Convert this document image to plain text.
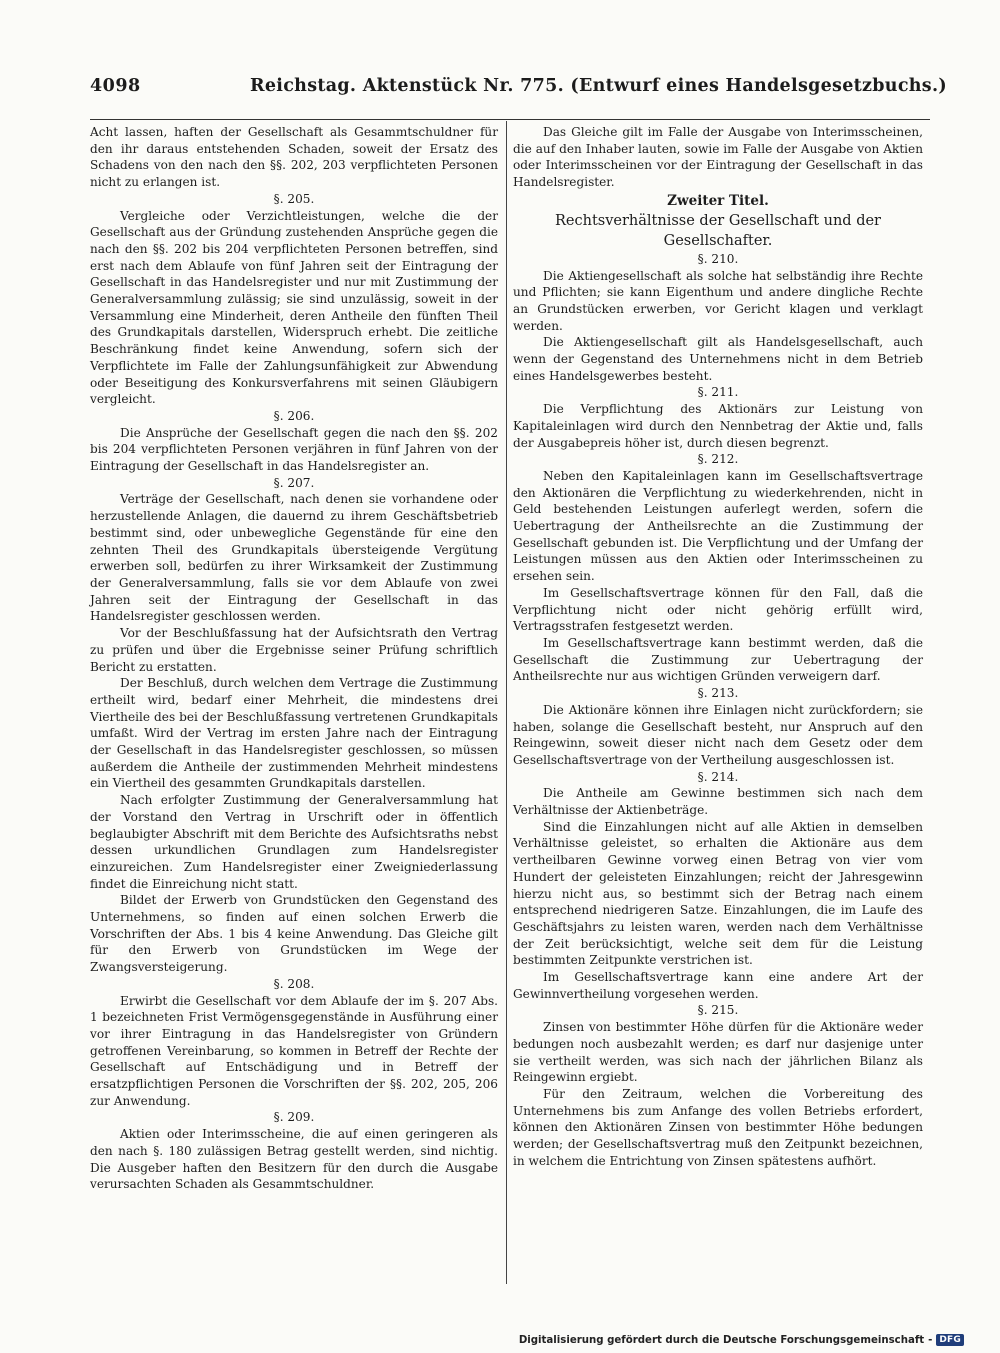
4098	Reichstag. Aktenstück Nr. 775. (Entwurf eines Handelsgesetzbuchs.)

Acht lassen, haften der Gesellschaft als Gesammtschuldner für den ihr daraus entstehenden Schaden, soweit der Ersatz des Schadens von den nach den §§. 202, 203 verpflichteten Personen nicht zu erlangen ist.

§. 205.

Vergleiche oder Verzichtleistungen, welche die der Gesellschaft aus der Gründung zustehenden Ansprüche gegen die nach den §§. 202 bis 204 verpflichteten Personen betreffen, sind erst nach dem Ablaufe von fünf Jahren seit der Eintragung der Gesellschaft in das Handelsregister und nur mit Zustimmung der Generalversammlung zulässig; sie sind unzulässig, soweit in der Versammlung eine Minderheit, deren Antheile den fünften Theil des Grundkapitals darstellen, Widerspruch erhebt. Die zeitliche Beschränkung findet keine Anwendung, sofern sich der Verpflichtete im Falle der Zahlungsunfähigkeit zur Abwendung oder Beseitigung des Konkursverfahrens mit seinen Gläubigern vergleicht.

§. 206.

Die Ansprüche der Gesellschaft gegen die nach den §§. 202 bis 204 verpflichteten Personen verjähren in fünf Jahren von der Eintragung der Gesellschaft in das Handelsregister an.

§. 207.

Verträge der Gesellschaft, nach denen sie vorhandene oder herzustellende Anlagen, die dauernd zu ihrem Geschäftsbetrieb bestimmt sind, oder unbewegliche Gegenstände für eine den zehnten Theil des Grundkapitals übersteigende Vergütung erwerben soll, bedürfen zu ihrer Wirksamkeit der Zustimmung der Generalversammlung, falls sie vor dem Ablaufe von zwei Jahren seit der Eintragung der Gesellschaft in das Handelsregister geschlossen werden.

Vor der Beschlußfassung hat der Aufsichtsrath den Vertrag zu prüfen und über die Ergebnisse seiner Prüfung schriftlich Bericht zu erstatten.

Der Beschluß, durch welchen dem Vertrage die Zustimmung ertheilt wird, bedarf einer Mehrheit, die mindestens drei Viertheile des bei der Beschlußfassung vertretenen Grundkapitals umfaßt. Wird der Vertrag im ersten Jahre nach der Eintragung der Gesellschaft in das Handelsregister geschlossen, so müssen außerdem die Antheile der zustimmenden Mehrheit mindestens ein Viertheil des gesammten Grundkapitals darstellen.

Nach erfolgter Zustimmung der Generalversammlung hat der Vorstand den Vertrag in Urschrift oder in öffentlich beglaubigter Abschrift mit dem Berichte des Aufsichtsraths nebst dessen urkundlichen Grundlagen zum Handelsregister einzureichen. Zum Handelsregister einer Zweigniederlassung findet die Einreichung nicht statt.

Bildet der Erwerb von Grundstücken den Gegenstand des Unternehmens, so finden auf einen solchen Erwerb die Vorschriften der Abs. 1 bis 4 keine Anwendung. Das Gleiche gilt für den Erwerb von Grundstücken im Wege der Zwangsversteigerung.

§. 208.

Erwirbt die Gesellschaft vor dem Ablaufe der im §. 207 Abs. 1 bezeichneten Frist Vermögensgegenstände in Ausführung einer vor ihrer Eintragung in das Handelsregister von Gründern getroffenen Vereinbarung, so kommen in Betreff der Rechte der Gesellschaft auf Entschädigung und in Betreff der ersatzpflichtigen Personen die Vorschriften der §§. 202, 205, 206 zur Anwendung.

§. 209.

Aktien oder Interimsscheine, die auf einen geringeren als den nach §. 180 zulässigen Betrag gestellt werden, sind nichtig. Die Ausgeber haften den Besitzern für den durch die Ausgabe verursachten Schaden als Gesammtschuldner.

Das Gleiche gilt im Falle der Ausgabe von Interimsscheinen, die auf den Inhaber lauten, sowie im Falle der Ausgabe von Aktien oder Interimsscheinen vor der Eintragung der Gesellschaft in das Handelsregister.

Zweiter Titel.
Rechtsverhältnisse der Gesellschaft und der Gesellschafter.
§. 210.

Die Aktiengesellschaft als solche hat selbständig ihre Rechte und Pflichten; sie kann Eigenthum und andere dingliche Rechte an Grundstücken erwerben, vor Gericht klagen und verklagt werden.

Die Aktiengesellschaft gilt als Handelsgesellschaft, auch wenn der Gegenstand des Unternehmens nicht in dem Betrieb eines Handelsgewerbes besteht.

§. 211.

Die Verpflichtung des Aktionärs zur Leistung von Kapitaleinlagen wird durch den Nennbetrag der Aktie und, falls der Ausgabepreis höher ist, durch diesen begrenzt.

§. 212.

Neben den Kapitaleinlagen kann im Gesellschaftsvertrage den Aktionären die Verpflichtung zu wiederkehrenden, nicht in Geld bestehenden Leistungen auferlegt werden, sofern die Uebertragung der Antheilsrechte an die Zustimmung der Gesellschaft gebunden ist. Die Verpflichtung und der Umfang der Leistungen müssen aus den Aktien oder Interimsscheinen zu ersehen sein.

Im Gesellschaftsvertrage können für den Fall, daß die Verpflichtung nicht oder nicht gehörig erfüllt wird, Vertragsstrafen festgesetzt werden.

Im Gesellschaftsvertrage kann bestimmt werden, daß die Gesellschaft die Zustimmung zur Uebertragung der Antheilsrechte nur aus wichtigen Gründen verweigern darf.

§. 213.

Die Aktionäre können ihre Einlagen nicht zurückfordern; sie haben, solange die Gesellschaft besteht, nur Anspruch auf den Reingewinn, soweit dieser nicht nach dem Gesetz oder dem Gesellschaftsvertrage von der Vertheilung ausgeschlossen ist.

§. 214.

Die Antheile am Gewinne bestimmen sich nach dem Verhältnisse der Aktienbeträge.

Sind die Einzahlungen nicht auf alle Aktien in demselben Verhältnisse geleistet, so erhalten die Aktionäre aus dem vertheilbaren Gewinne vorweg einen Betrag von vier vom Hundert der geleisteten Einzahlungen; reicht der Jahresgewinn hierzu nicht aus, so bestimmt sich der Betrag nach einem entsprechend niedrigeren Satze. Einzahlungen, die im Laufe des Geschäftsjahrs zu leisten waren, werden nach dem Verhältnisse der Zeit berücksichtigt, welche seit dem für die Leistung bestimmten Zeitpunkte verstrichen ist.

Im Gesellschaftsvertrage kann eine andere Art der Gewinnvertheilung vorgesehen werden.

§. 215.

Zinsen von bestimmter Höhe dürfen für die Aktionäre weder bedungen noch ausbezahlt werden; es darf nur dasjenige unter sie vertheilt werden, was sich nach der jährlichen Bilanz als Reingewinn ergiebt.

Für den Zeitraum, welchen die Vorbereitung des Unternehmens bis zum Anfange des vollen Betriebs erfordert, können den Aktionären Zinsen von bestimmter Höhe bedungen werden; der Gesellschaftsvertrag muß den Zeitpunkt bezeichnen, in welchem die Entrichtung von Zinsen spätestens aufhört.

Digitalisierung gefördert durch die Deutsche Forschungsgemeinschaft - DFG
